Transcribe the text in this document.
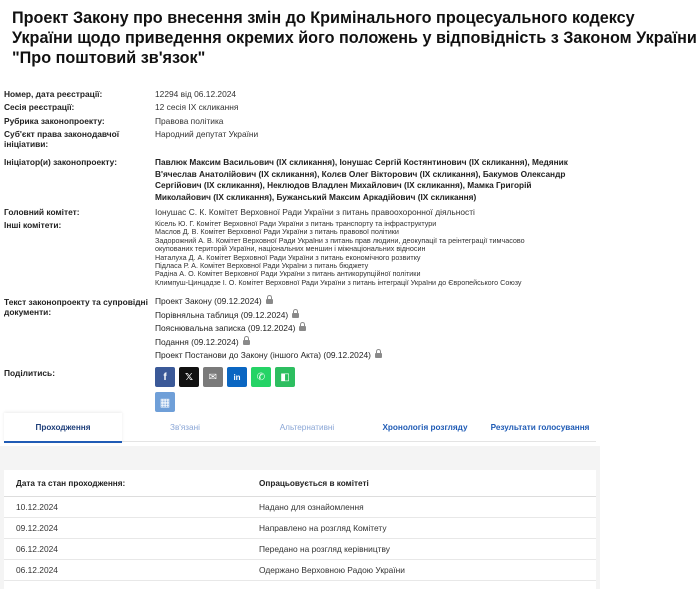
Проект Закону про внесення змін до Кримінального процесуального кодексу
України щодо приведення окремих його положень у відповідність з Законом України
"Про поштовий зв'язок"
Номер, дата реєстрації:	12294 від 06.12.2024
Сесія реєстрації:	12 сесія IX скликання
Рубрика законопроекту:	Правова політика
Суб'єкт права законодавчої
ініціативи:
Народний депутат України
Ініціатор(и) законопроекту:	Павлюк Максим Васильович (IX скликання), Іонушас Сергій Костянтинович (IX скликання), Медяник В'ячеслав Анатолійович (IX скликання), Колєв Олег Вікторович (IX скликання), Бакумов Олександр Сергійович (IX скликання), Неклюдов Владлен Михайлович (IX скликання), Мамка Григорій Миколайович (IX скликання), Бужанський Максим Аркадійович (IX скликання)
Головний комітет:	Іонушас С. К. Комітет Верховної Ради України з питань правоохоронної діяльності
Інші комітети:	Кісель Ю. Г. Комітет Верховної Ради України з питань транспорту та інфраструктури
Маслов Д. В. Комітет Верховної Ради України з питань правової політики
Задорожний А. В. Комітет Верховної Ради України з питань прав людини, деокупації та реінтеграції тимчасово
окупованих територій України, національних меншин і міжнаціональних відносин
Натaлуха Д. А. Комітет Верховної Ради України з питань економічного розвитку
Підласа Р. А. Комітет Верховної Ради України з питань бюджету
Радіна А. О. Комітет Верховної Ради України з питань антикорупційної політики
Климпуш-Цинцадзе І. О. Комітет Верховної Ради України з питань інтеграції України до Європейського Союзу
Текст законопроекту та супровідні
документи:
Проект Закону (09.12.2024)
Порівняльна таблиця (09.12.2024)
Пояснювальна записка (09.12.2024)
Подання (09.12.2024)
Проект Постанови до Закону (іншого Акта) (09.12.2024)
Поділитись:	f	𝕏	✉	in	✆	◧
▦
Проходження	Зв'язані	Альтернативні	Хронологія розгляду	Результати голосування
Дата та стан проходження:	Опрацьовується в комітеті
10.12.2024	Надано для ознайомлення
09.12.2024	Направлено на розгляд Комітету
06.12.2024	Передано на розгляд керівництву
06.12.2024	Одержано Верховною Радою України
